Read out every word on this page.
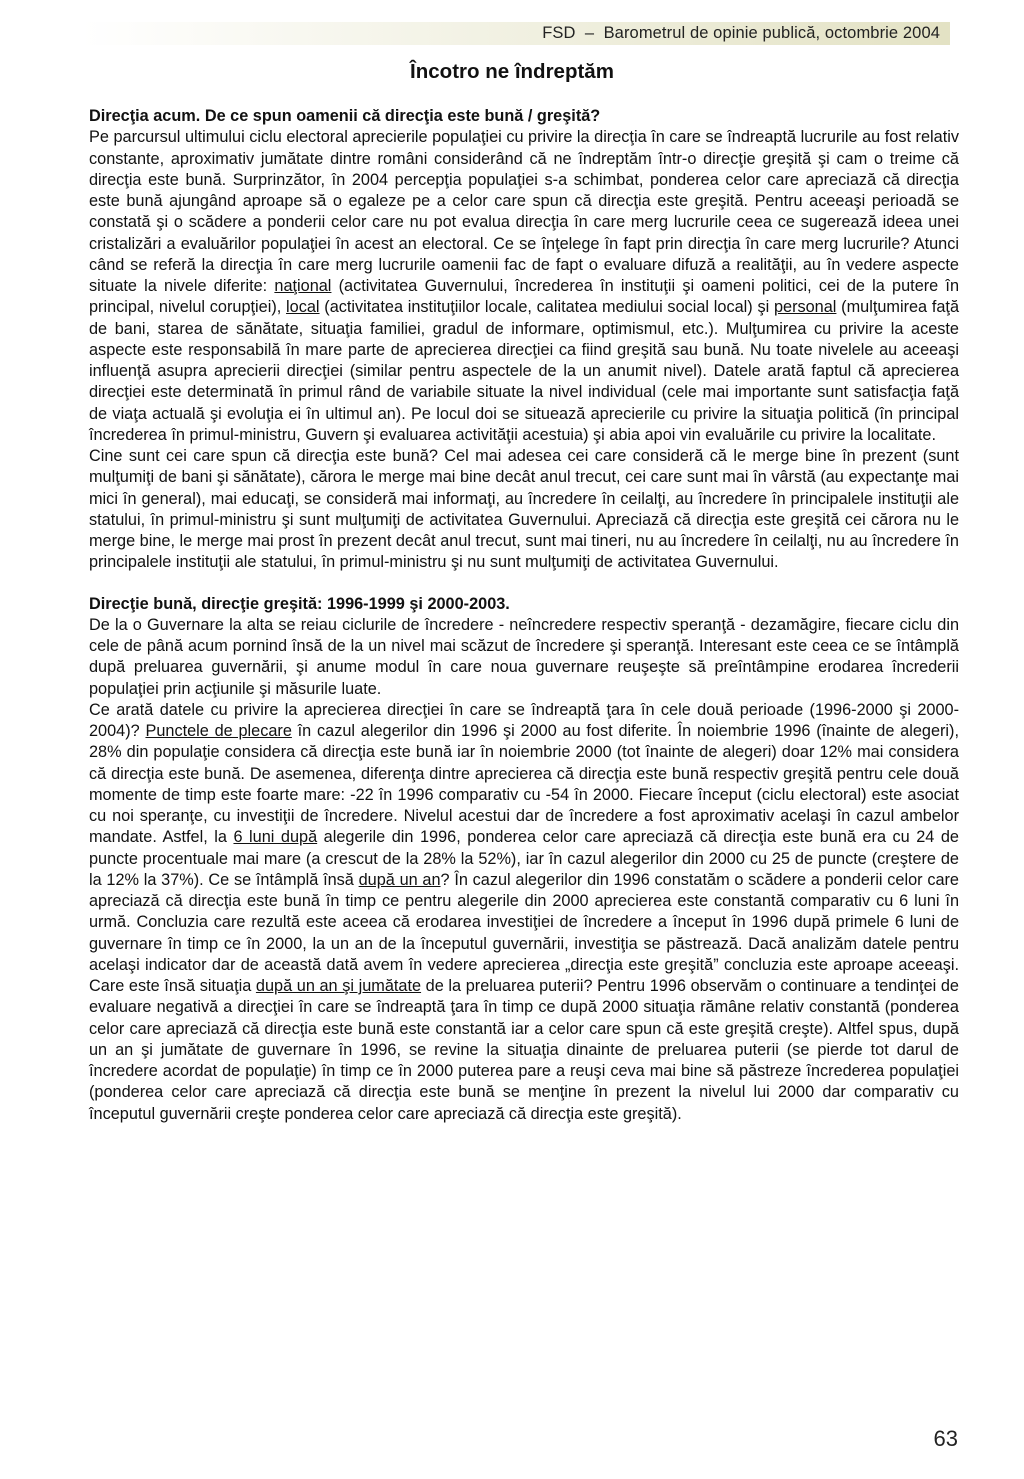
FSD  –  Barometrul de opinie publică, octombrie 2004
Încotro ne îndreptăm

Direcţia acum. De ce spun oamenii că direcţia este bună / greşită?

Pe parcursul ultimului ciclu electoral aprecierile populaţiei cu privire la direcţia în care se îndreaptă lucrurile au fost relativ constante, aproximativ jumătate dintre români considerând că ne îndreptăm într-o direcţie greşită şi cam o treime că direcţia este bună. Surprinzător, în 2004 percepţia populaţiei s-a schimbat, ponderea celor care apreciază că direcţia este bună ajungând aproape să o egaleze pe a celor care spun că direcţia este greşită. Pentru aceeaşi perioadă se constată şi o scădere a ponderii celor care nu pot evalua direcţia în care merg lucrurile ceea ce sugerează ideea unei cristalizări a evaluărilor populaţiei în acest an electoral. Ce se înţelege în fapt prin direcţia în care merg lucrurile? Atunci când se referă la direcţia în care merg lucrurile oamenii fac de fapt o evaluare difuză a realităţii, au în vedere aspecte situate la nivele diferite: naţional (activitatea Guvernului, încrederea în instituţii şi oameni politici, cei de la putere în principal, nivelul corupţiei), local (activitatea instituţiilor locale, calitatea mediului social local) şi personal (mulţumirea faţă de bani, starea de sănătate, situaţia familiei, gradul de informare, optimismul, etc.). Mulţumirea cu privire la aceste aspecte este responsabilă în mare parte de aprecierea direcţiei ca fiind greşită sau bună. Nu toate nivelele au aceeaşi influenţă asupra aprecierii direcţiei (similar pentru aspectele de la un anumit nivel). Datele arată faptul că aprecierea direcţiei este determinată în primul rând de variabile situate la nivel individual (cele mai importante sunt satisfacţia faţă de viaţa actuală şi evoluţia ei în ultimul an). Pe locul doi se situează aprecierile cu privire la situaţia politică (în principal încrederea în primul-ministru, Guvern şi evaluarea activităţii acestuia) şi abia apoi vin evaluările cu privire la localitate.

Cine sunt cei care spun că direcţia este bună? Cel mai adesea cei care consideră că le merge bine în prezent (sunt mulţumiţi de bani şi sănătate), cărora le merge mai bine decât anul trecut, cei care sunt mai în vârstă (au expectanţe mai mici în general), mai educaţi, se consideră mai informaţi, au încredere în ceilalţi, au încredere în principalele instituţii ale statului, în primul-ministru şi sunt mulţumiţi de activitatea Guvernului. Apreciază că direcţia este greşită cei cărora nu le merge bine, le merge mai prost în prezent decât anul trecut, sunt mai tineri, nu au încredere în ceilalţi, nu au încredere în principalele instituţii ale statului, în primul-ministru şi nu sunt mulţumiţi de activitatea Guvernului.

Direcţie bună, direcţie greşită: 1996-1999 şi 2000-2003.

De la o Guvernare la alta se reiau ciclurile de încredere - neîncredere respectiv speranţă - dezamăgire, fiecare ciclu din cele de până acum pornind însă de la un nivel mai scăzut de încredere şi speranţă. Interesant este ceea ce se întâmplă după preluarea guvernării, şi anume modul în care noua guvernare reuşeşte să preîntâmpine erodarea încrederii populaţiei prin acţiunile şi măsurile luate.

Ce arată datele cu privire la aprecierea direcţiei în care se îndreaptă ţara în cele două perioade (1996-2000 şi 2000-2004)? Punctele de plecare în cazul alegerilor din 1996 şi 2000 au fost diferite. În noiembrie 1996 (înainte de alegeri), 28% din populaţie considera că direcţia este bună iar în noiembrie 2000 (tot înainte de alegeri) doar 12% mai considera că direcţia este bună. De asemenea, diferenţa dintre aprecierea că direcţia este bună respectiv greşită pentru cele două momente de timp este foarte mare: -22 în 1996 comparativ cu -54 în 2000. Fiecare început (ciclu electoral) este asociat cu noi speranţe, cu investiţii de încredere. Nivelul acestui dar de încredere a fost aproximativ acelaşi în cazul ambelor mandate. Astfel, la 6 luni după alegerile din 1996, ponderea celor care apreciază că direcţia este bună era cu 24 de puncte procentuale mai mare (a crescut de la 28% la 52%), iar în cazul alegerilor din 2000 cu 25 de puncte (creştere de la 12% la 37%). Ce se întâmplă însă după un an? În cazul alegerilor din 1996 constatăm o scădere a ponderii celor care apreciază că direcţia este bună în timp ce pentru alegerile din 2000 aprecierea este constantă comparativ cu 6 luni în urmă. Concluzia care rezultă este aceea că erodarea investiţiei de încredere a început în 1996 după primele 6 luni de guvernare în timp ce în 2000, la un an de la începutul guvernării, investiţia se păstrează. Dacă analizăm datele pentru acelaşi indicator dar de această dată avem în vedere aprecierea „direcţia este greşită” concluzia este aproape aceeaşi. Care este însă situaţia după un an şi jumătate de la preluarea puterii? Pentru 1996 observăm o continuare a tendinţei de evaluare negativă a direcţiei în care se îndreaptă ţara în timp ce după 2000 situaţia rămâne relativ constantă (ponderea celor care apreciază că direcţia este bună este constantă iar a celor care spun că este greşită creşte). Altfel spus, după un an şi jumătate de guvernare în 1996, se revine la situaţia dinainte de preluarea puterii (se pierde tot darul de încredere acordat de populaţie) în timp ce în 2000 puterea pare a reuşi ceva mai bine să păstreze încrederea populaţiei (ponderea celor care apreciază că direcţia este bună se menţine în prezent la nivelul lui 2000 dar comparativ cu începutul guvernării creşte ponderea celor care apreciază că direcţia este greşită).

63
